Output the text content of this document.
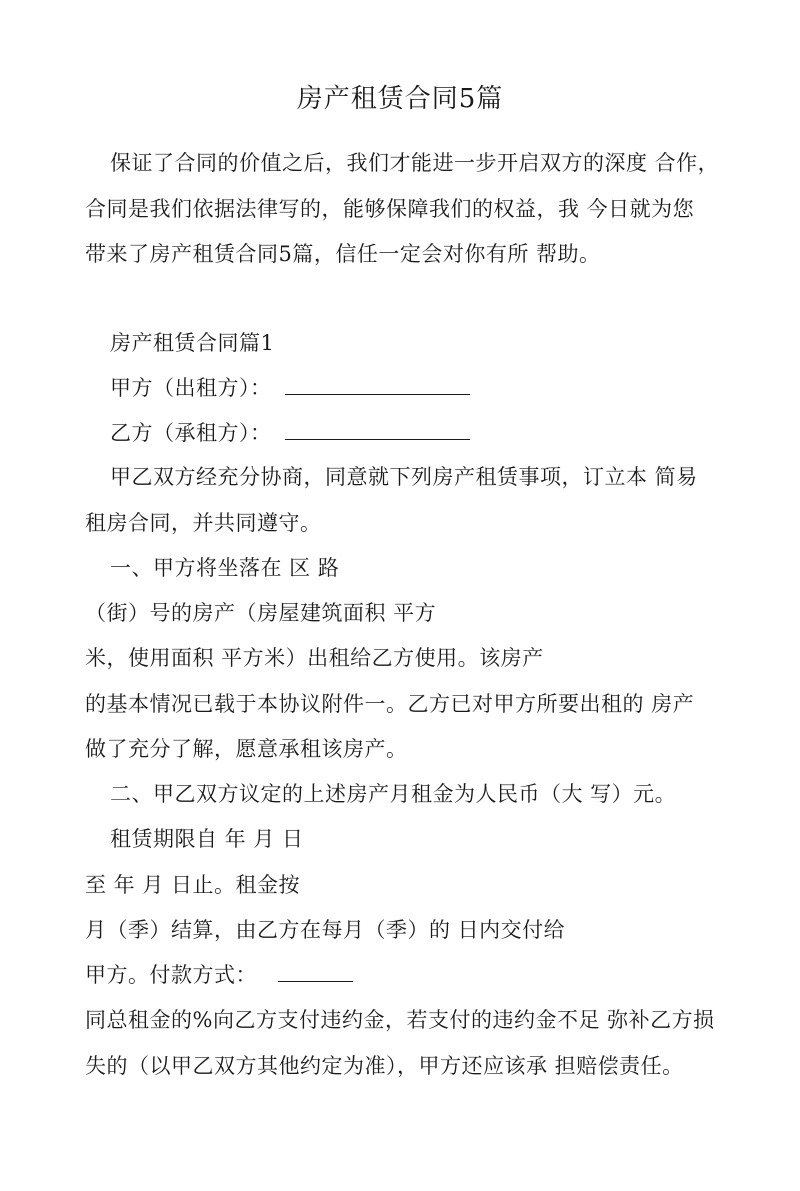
房产租赁合同5篇
保证了合同的价值之后，我们才能进一步开启双方的深度 合作，
合同是我们依据法律写的，能够保障我们的权益，我 今日就为您
带来了房产租赁合同5篇，信任一定会对你有所 帮助。
房产租赁合同篇1
甲方（出租方）：
乙方（承租方）：
甲乙双方经充分协商，同意就下列房产租赁事项，订立本 简易
租房合同，并共同遵守。
一、甲方将坐落在 区 路
（街）号的房产（房屋建筑面积 平方
米，使用面积 平方米）出租给乙方使用。该房产
的基本情况已载于本协议附件一。乙方已对甲方所要出租的 房产
做了充分了解，愿意承租该房产。
二、甲乙双方议定的上述房产月租金为人民币（大 写）元。
租赁期限自 年 月 日
至 年 月 日止。租金按
月（季）结算，由乙方在每月（季）的 日内交付给
甲方。付款方式：
同总租金的%向乙方支付违约金，若支付的违约金不足 弥补乙方损
失的（以甲乙双方其他约定为准），甲方还应该承 担赔偿责任。
